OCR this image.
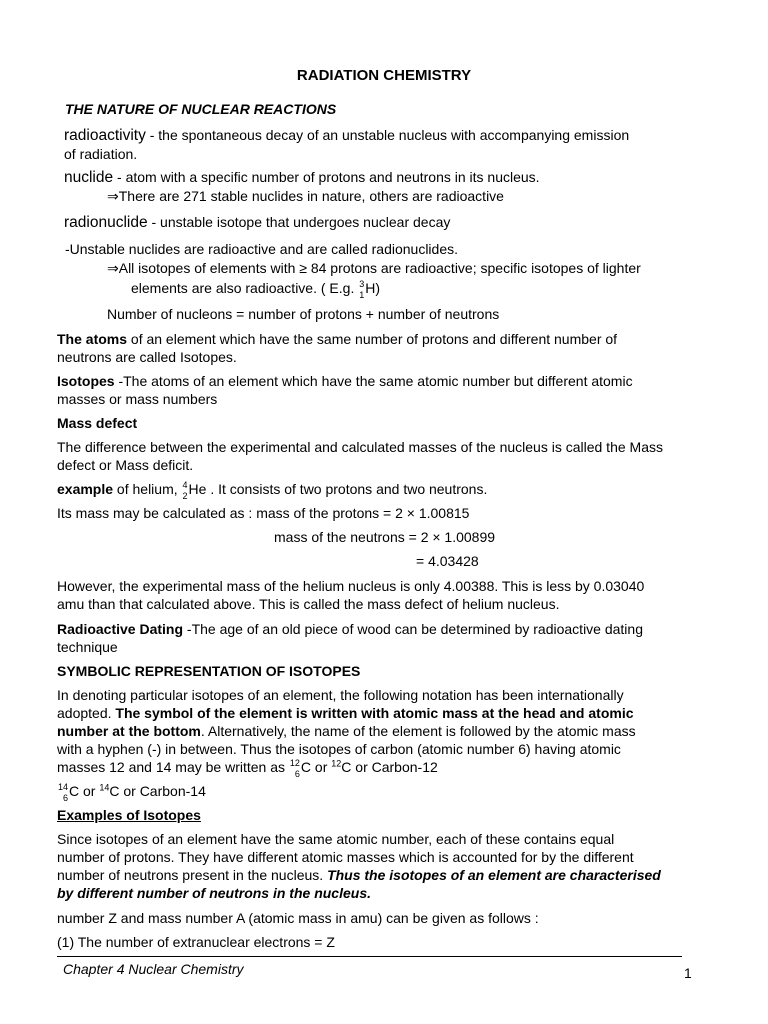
RADIATION CHEMISTRY
THE NATURE OF NUCLEAR REACTIONS
radioactivity - the spontaneous decay of an unstable nucleus with accompanying emission
of radiation.
nuclide - atom with a specific number of protons and neutrons in its nucleus.
⇒There are 271 stable nuclides in nature, others are radioactive
radionuclide - unstable isotope that undergoes nuclear decay
-Unstable nuclides are radioactive and are called radionuclides.
⇒All isotopes of elements with ≥ 84 protons are radioactive; specific isotopes of lighter
elements are also radioactive. ( E.g. 3
1 H)
Number of nucleons = number of protons + number of neutrons
The atoms of an element which have the same number of protons and different number of
neutrons are called Isotopes.
Isotopes -The atoms of an element which have the same atomic number but different atomic
masses or mass numbers
Mass defect
The difference between the experimental and calculated masses of the nucleus is called the Mass
defect or Mass deficit.
example of helium, 4
2 He . It consists of two protons and two neutrons.
Its mass may be calculated as : mass of the protons = 2 × 1.00815
mass of the neutrons = 2 × 1.00899
= 4.03428
However, the experimental mass of the helium nucleus is only 4.00388. This is less by 0.03040
amu than that calculated above. This is called the mass defect of helium nucleus.
Radioactive Dating -The age of an old piece of wood can be determined by radioactive dating
technique
SYMBOLIC REPRESENTATION OF ISOTOPES
In denoting particular isotopes of an element, the following notation has been internationally
adopted. The symbol of the element is written with atomic mass at the head and atomic
number at the bottom. Alternatively, the name of the element is followed by the atomic mass
with a hyphen (-) in between. Thus the isotopes of carbon (atomic number 6) having atomic
masses 12 and 14 may be written as 12
6 C or $^{12}$C or Carbon-12
14
6 C or $^{14}$C or Carbon-14
Examples of Isotopes
Since isotopes of an element have the same atomic number, each of these contains equal
number of protons. They have different atomic masses which is accounted for by the different
number of neutrons present in the nucleus. Thus the isotopes of an element are characterised
by different number of neutrons in the nucleus.
number Z and mass number A (atomic mass in amu) can be given as follows :
(1) The number of extranuclear electrons = Z
Chapter 4 Nuclear Chemistry	1
